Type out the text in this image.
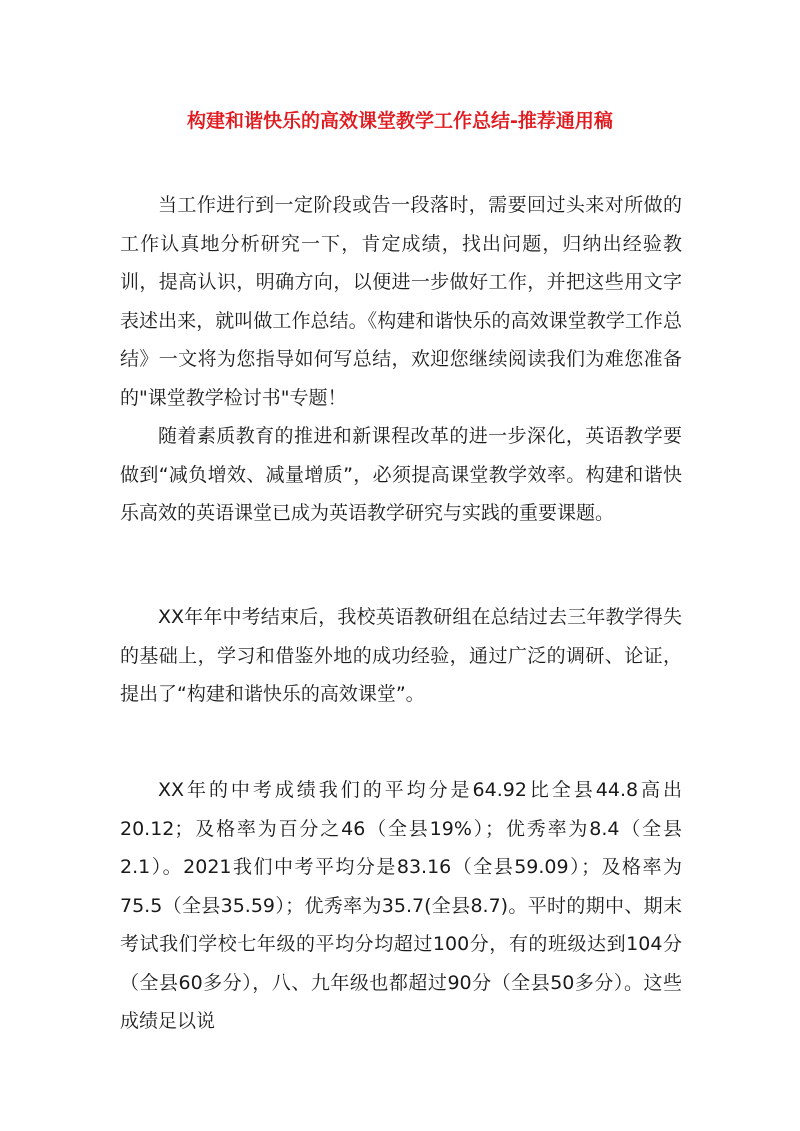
构建和谐快乐的高效课堂教学工作总结-推荐通用稿

当工作进行到一定阶段或告一段落时，需要回过头来对所做的工作认真地分析研究一下，肯定成绩，找出问题，归纳出经验教训，提高认识，明确方向，以便进一步做好工作，并把这些用文字表述出来，就叫做工作总结。《构建和谐快乐的高效课堂教学工作总结》一文将为您指导如何写总结，欢迎您继续阅读我们为难您准备的"课堂教学检讨书"专题！

随着素质教育的推进和新课程改革的进一步深化，英语教学要做到“减负增效、减量增质”，必须提高课堂教学效率。构建和谐快乐高效的英语课堂已成为英语教学研究与实践的重要课题。

XX年年中考结束后，我校英语教研组在总结过去三年教学得失的基础上，学习和借鉴外地的成功经验，通过广泛的调研、论证，提出了“构建和谐快乐的高效课堂”。

XX年的中考成绩我们的平均分是64.92比全县44.8高出20.12；及格率为百分之46（全县19%）；优秀率为8.4（全县2.1）。2021我们中考平均分是83.16（全县59.09）；及格率为75.5（全县35.59）；优秀率为35.7(全县8.7)。平时的期中、期末考试我们学校七年级的平均分均超过100分，有的班级达到104分（全县60多分），八、九年级也都超过90分（全县50多分）。这些成绩足以说
